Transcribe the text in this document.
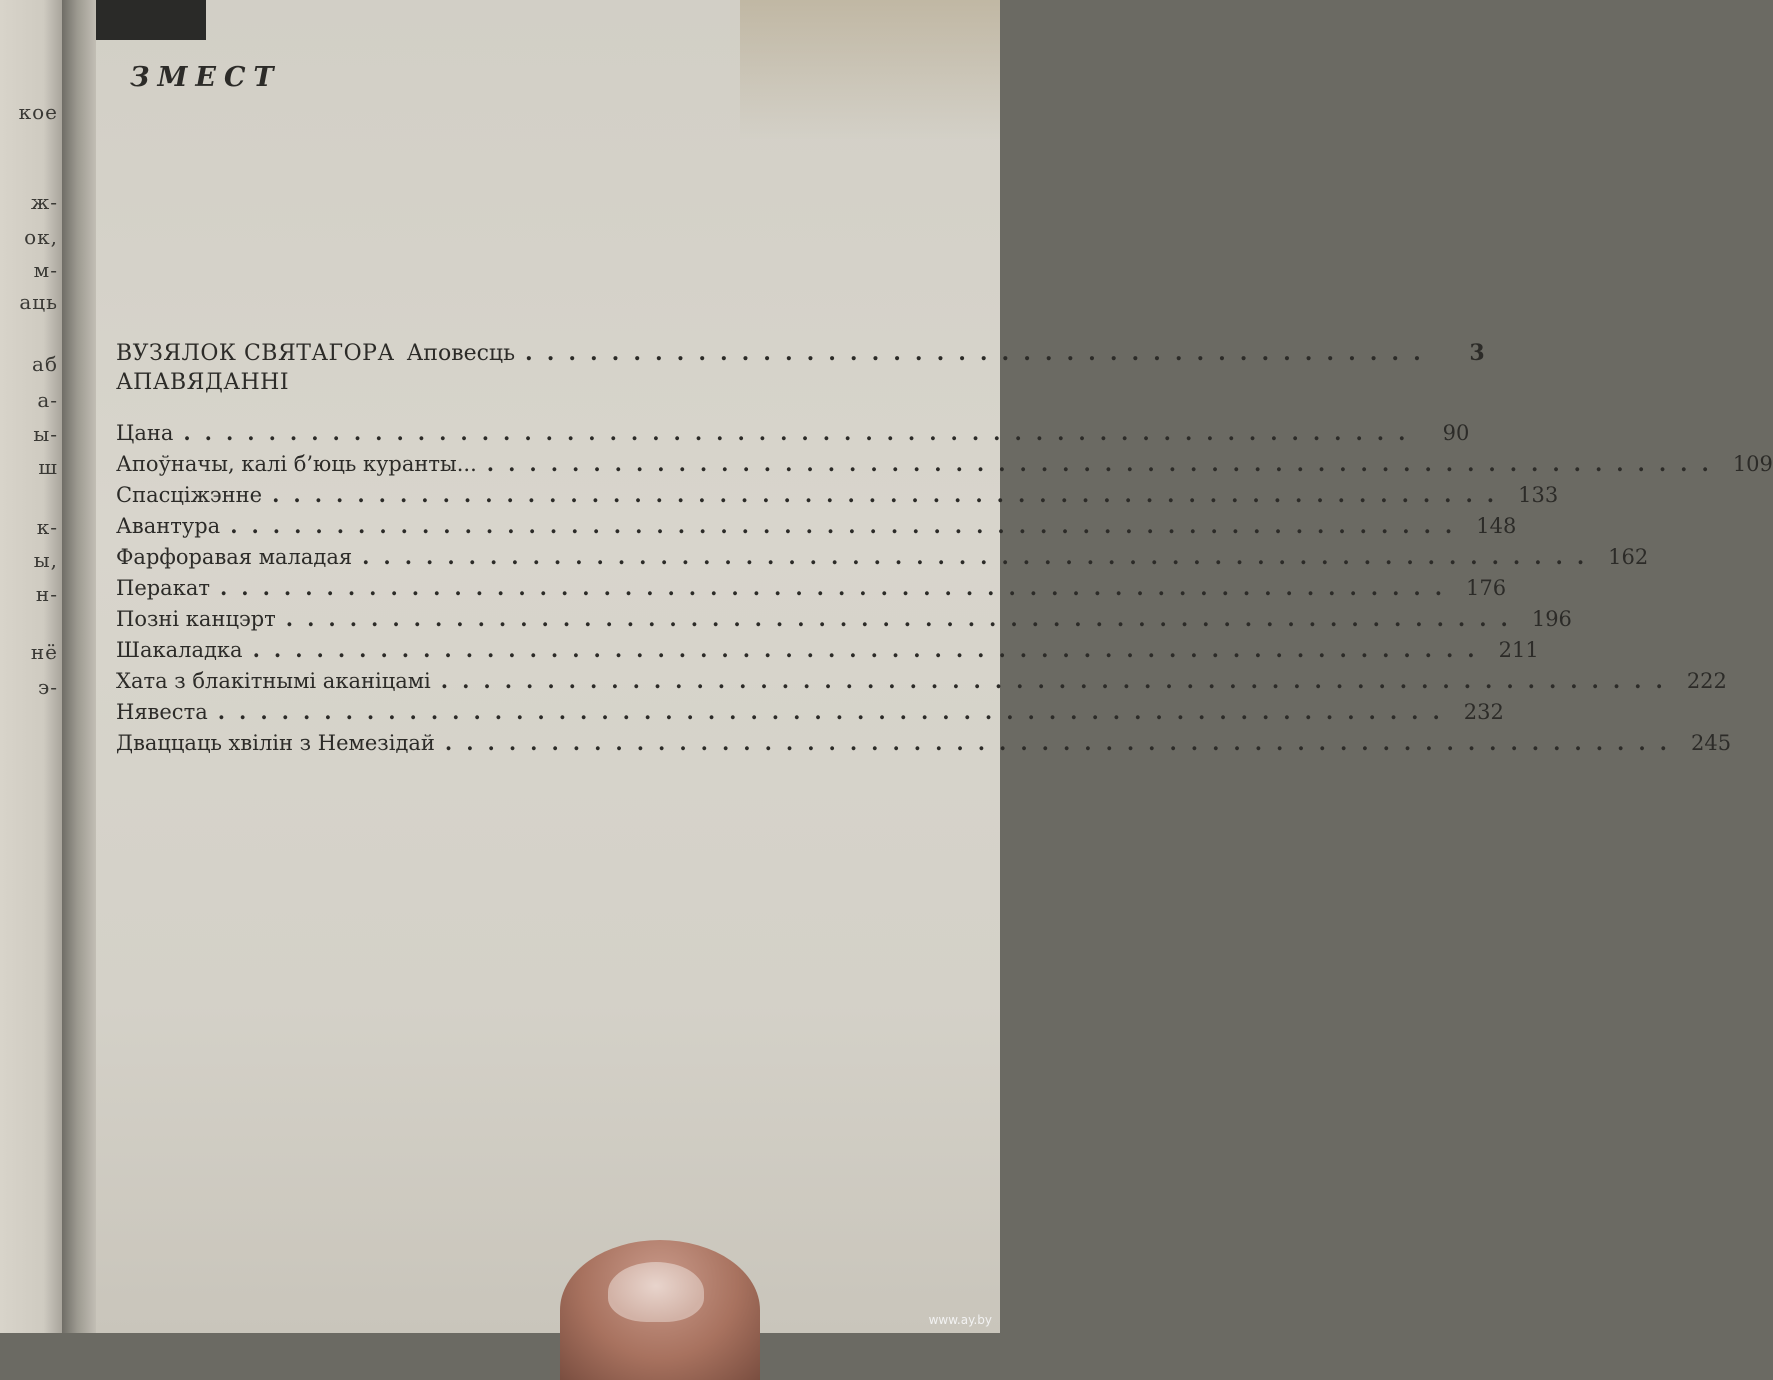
кое
ж-
ок,
м-
аць
аб
а-
ы-
ш
к-
ы,
н-
нё
э-
ЗМЕСТ
ВУЗЯЛОК СВЯТАГОРА Аповесць ..........................................	3
АПАВЯДАННІ
Цана ..........................................................	90
Апоўначы, калі б’юць куранты... .......................................................... 109
Спасціжэнне .......................................................... 133
Авантура .......................................................... 148
Фарфоравая маладая .......................................................... 162
Перакат .......................................................... 176
Позні канцэрт .......................................................... 196
Шакаладка .......................................................... 211
Хата з блакітнымі аканіцамі .......................................................... 222
Нявеста .......................................................... 232
Дваццаць хвілін з Немезідай .......................................................... 245
www.ay.by
